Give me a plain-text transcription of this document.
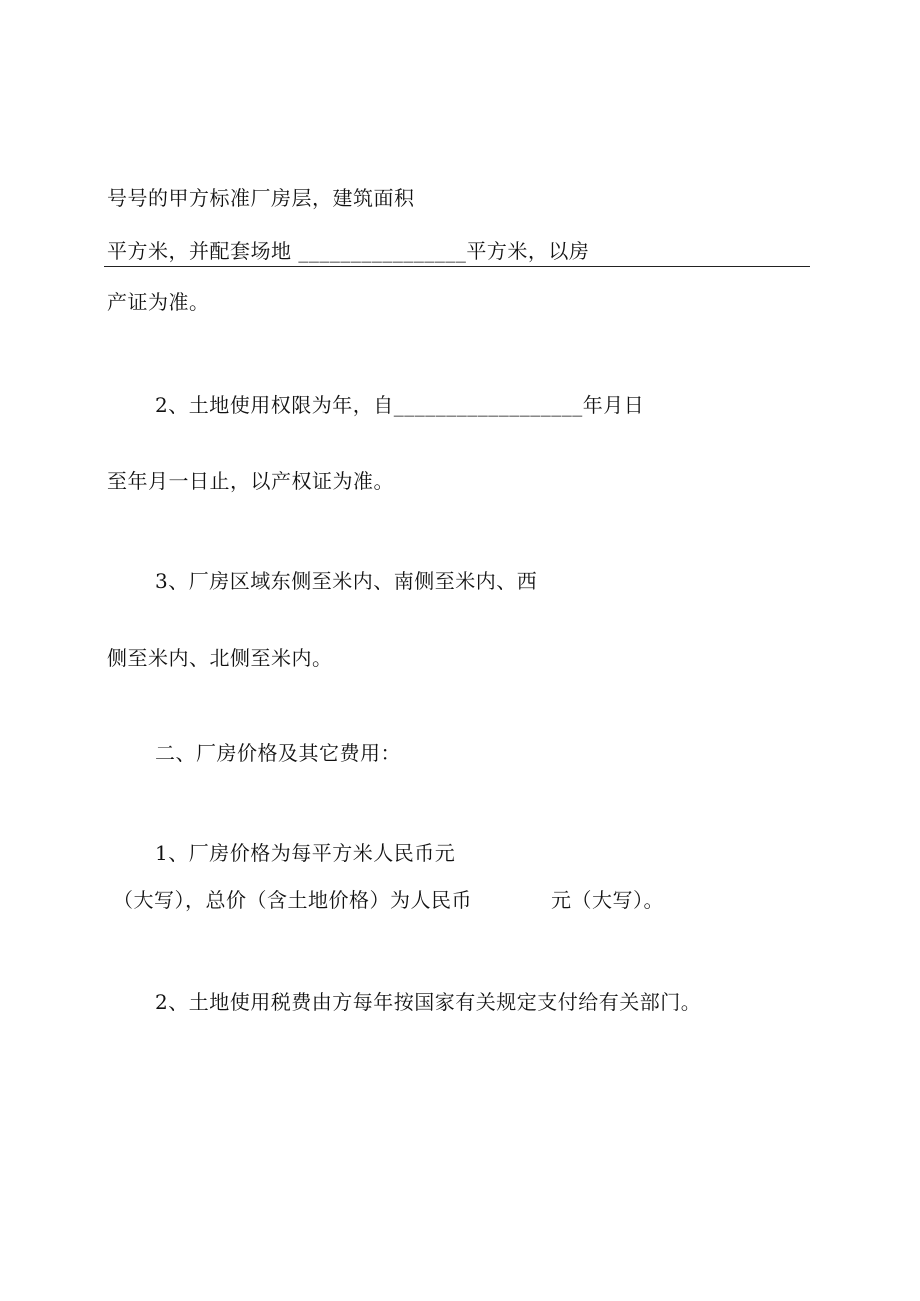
号号的甲方标准厂房层，建筑面积
平方米，并配套场地 ________________平方米，以房
产证为准。
2、土地使用权限为年，自__________________年月日
至年月一日止，以产权证为准。
3、厂房区域东侧至米内、南侧至米内、西
侧至米内、北侧至米内。
二、厂房价格及其它费用：
1、厂房价格为每平方米人民币元
（大写），总价（含土地价格）为人民币	元（大写）。
2、土地使用税费由方每年按国家有关规定支付给有关部门。
